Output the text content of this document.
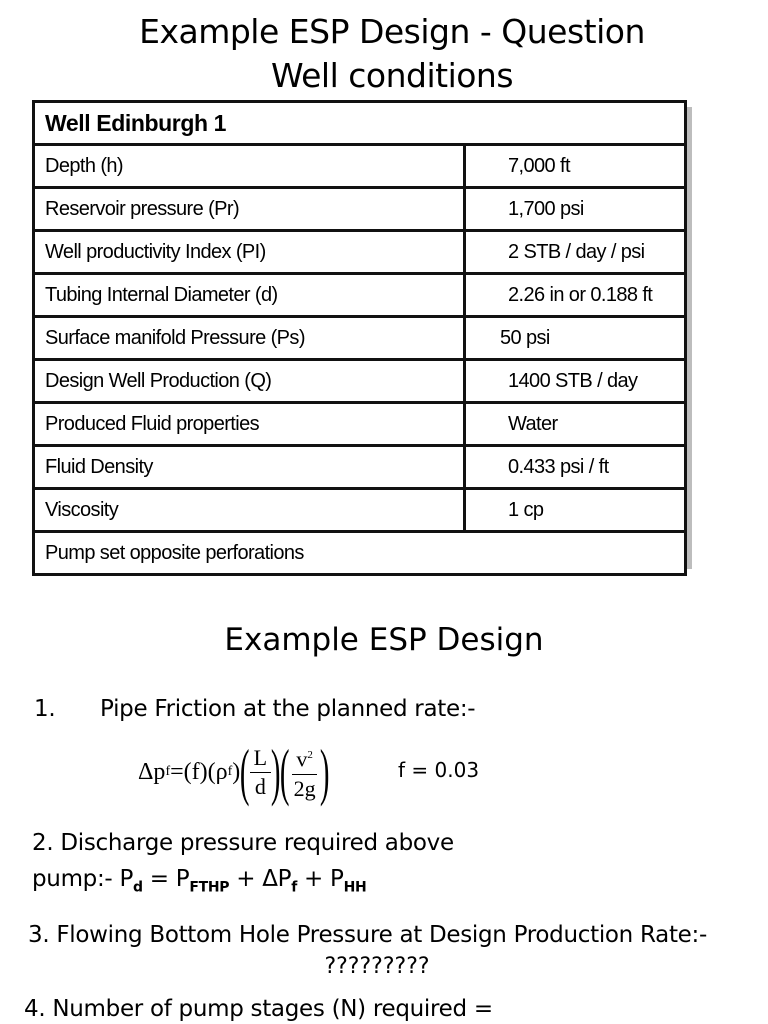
Example ESP Design - Question
Well conditions
Well Edinburgh 1	
Depth (h)	7,000 ft
Reservoir pressure (Pr)	1,700 psi
Well productivity Index (PI)	2 STB / day / psi
Tubing Internal Diameter (d)	2.26 in or 0.188 ft
Surface manifold Pressure (Ps)	50 psi
Design Well Production (Q)	1400 STB / day
Produced Fluid properties	Water
Fluid Density	0.433 psi / ft
Viscosity	1 cp
Pump set opposite perforations	
Example ESP Design
1. Pipe Friction at the planned rate:-
Δp f = (f) (ρ f ) ( $\frac{L}{d}$ ) ( $\frac{v^2}{2g}$ )	f = 0.03
2. Discharge pressure required above
pump:- $P_d = P_{FTHP} + \Delta P_f + P_{HH}$
3. Flowing Bottom Hole Pressure at Design Production Rate:-
?????????
4. Number of pump stages (N) required =
